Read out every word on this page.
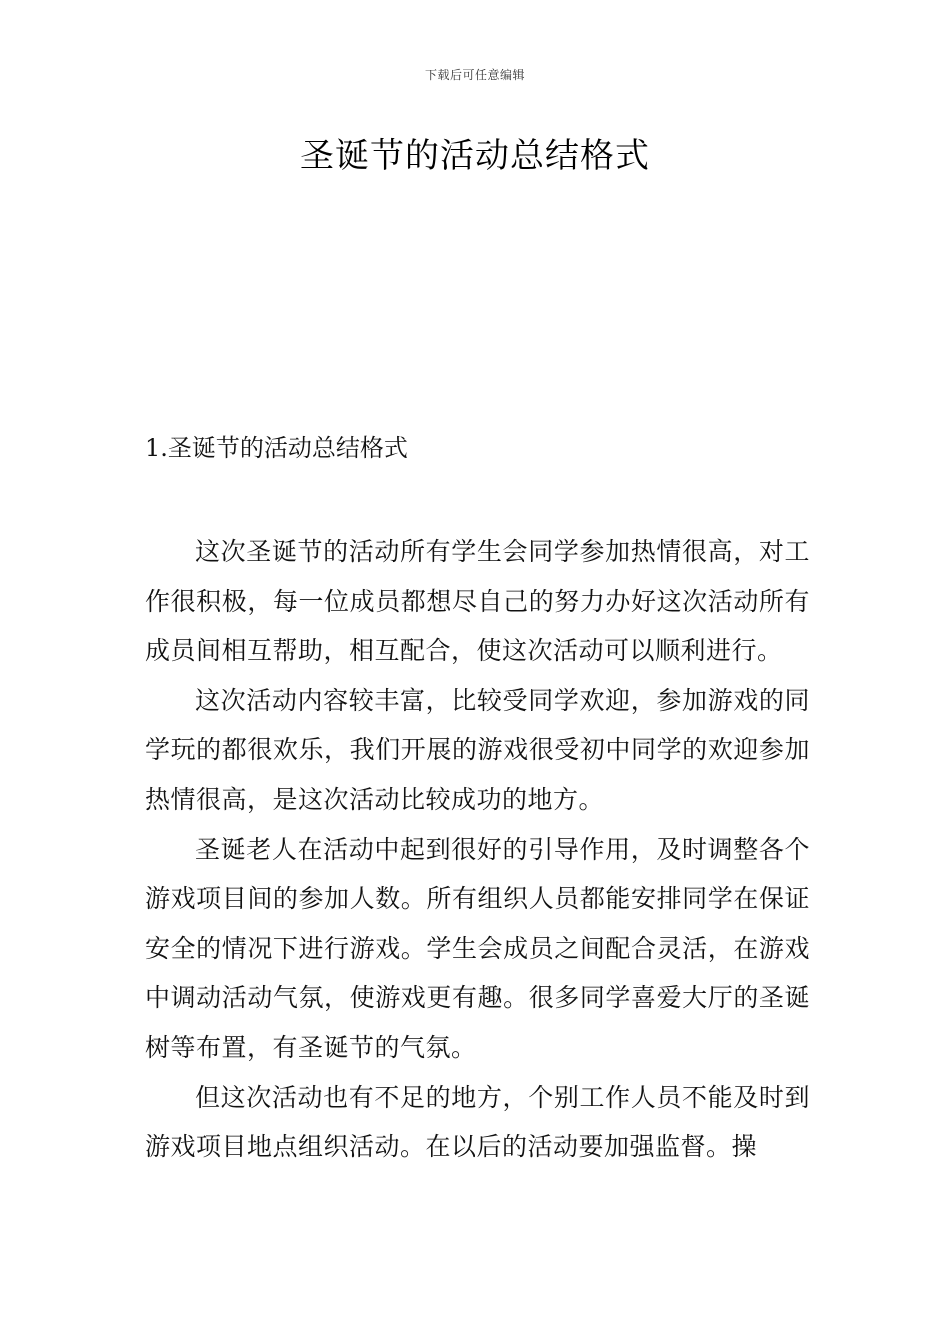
下载后可任意编辑
圣诞节的活动总结格式
1.圣诞节的活动总结格式

这次圣诞节的活动所有学生会同学参加热情很高，对工作很积极，每一位成员都想尽自己的努力办好这次活动所有成员间相互帮助，相互配合，使这次活动可以顺利进行。

这次活动内容较丰富，比较受同学欢迎，参加游戏的同学玩的都很欢乐，我们开展的游戏很受初中同学的欢迎参加热情很高，是这次活动比较成功的地方。

圣诞老人在活动中起到很好的引导作用，及时调整各个游戏项目间的参加人数。所有组织人员都能安排同学在保证安全的情况下进行游戏。学生会成员之间配合灵活，在游戏中调动活动气氛，使游戏更有趣。很多同学喜爱大厅的圣诞树等布置，有圣诞节的气氛。

但这次活动也有不足的地方，个别工作人员不能及时到游戏项目地点组织活动。在以后的活动要加强监督。操
